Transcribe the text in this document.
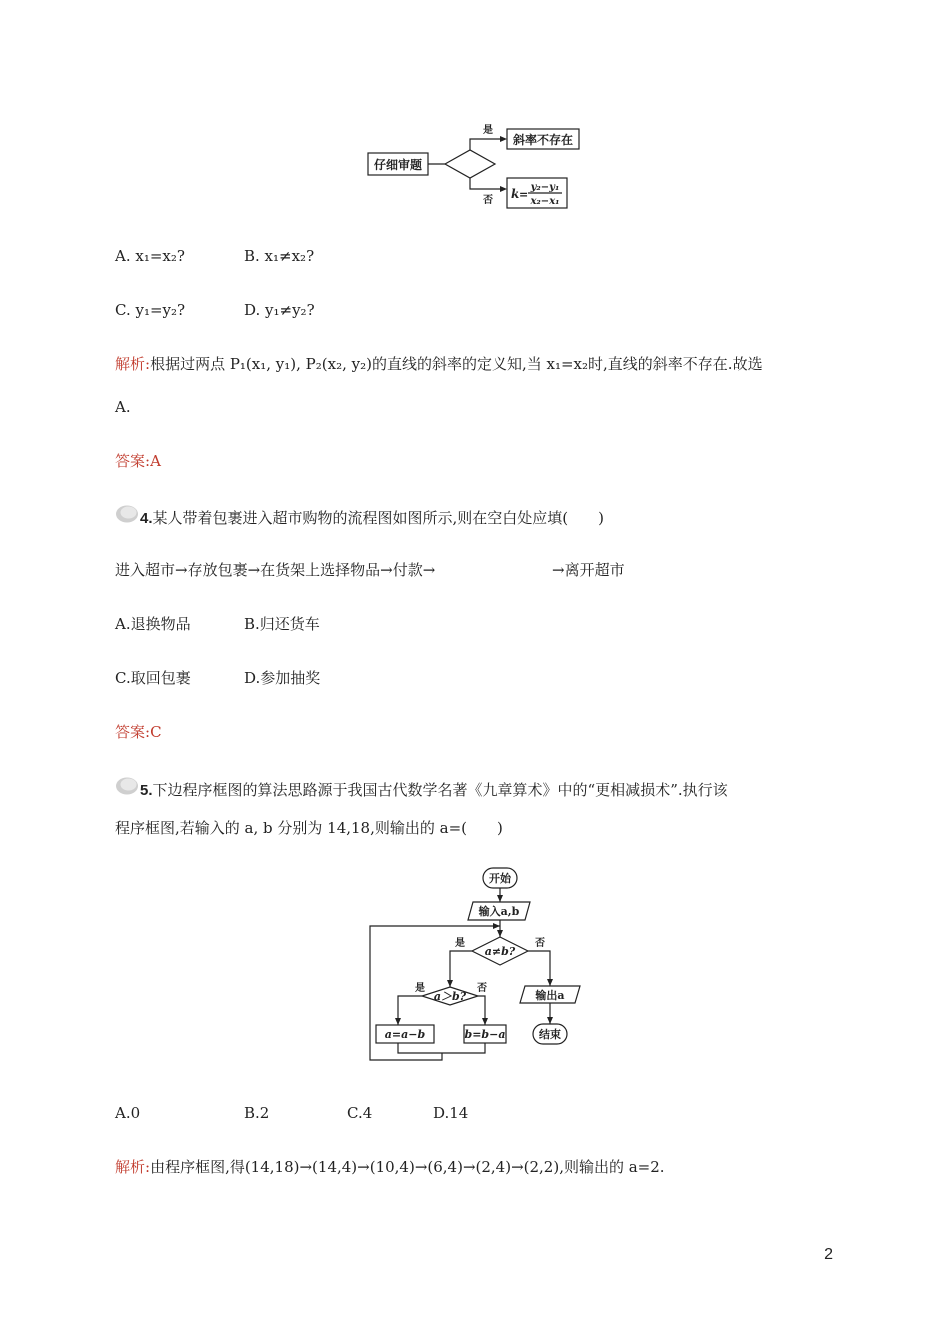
仔细审题
是
否
斜率不存在
k =
y₂−y₁
x₂−x₁
A. x₁=x₂?	B. x₁≠x₂?
C. y₁=y₂?	D. y₁≠y₂?
解析:根据过两点 P₁(x₁, y₁), P₂(x₂, y₂)的直线的斜率的定义知,当 x₁=x₂时,直线的斜率不存在.故选
A.
答案:A
4.某人带着包裹进入超市购物的流程图如图所示,则在空白处应填(　　)
进入超市→存放包裹→在货架上选择物品→付款→	→离开超市
A.退换物品	B.归还货车
C.取回包裹	D.参加抽奖
答案:C
5.下边程序框图的算法思路源于我国古代数学名著《九章算术》中的“更相减损术”.执行该
程序框图,若输入的 a, b 分别为 14,18,则输出的 a=(　　)
开始
输入a,b
a≠b?
是	否
a＞b?
是	否
a=a−b	b=b−a
输出a
结束
A.0	B.2	C.4	D.14
解析:由程序框图,得(14,18)→(14,4)→(10,4)→(6,4)→(2,4)→(2,2),则输出的 a=2.
2
